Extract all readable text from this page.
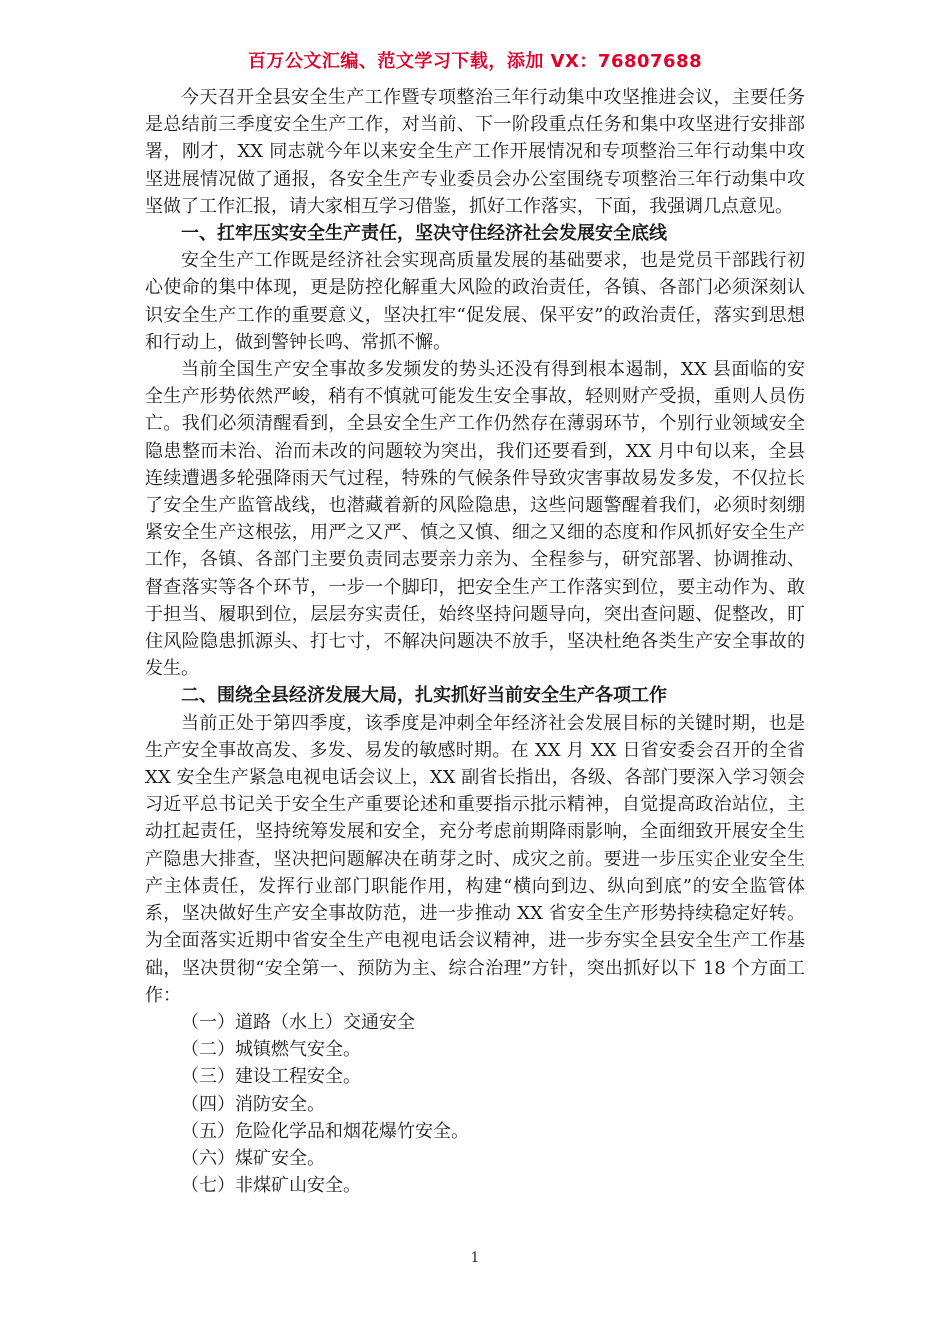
百万公文汇编、范文学习下载，添加 VX：76807688

今天召开全县安全生产工作暨专项整治三年行动集中攻坚推进会议，主要任务是总结前三季度安全生产工作，对当前、下一阶段重点任务和集中攻坚进行安排部署，刚才，XX 同志就今年以来安全生产工作开展情况和专项整治三年行动集中攻坚进展情况做了通报，各安全生产专业委员会办公室围绕专项整治三年行动集中攻坚做了工作汇报，请大家相互学习借鉴，抓好工作落实，下面，我强调几点意见。

一、扛牢压实安全生产责任，坚决守住经济社会发展安全底线

安全生产工作既是经济社会实现高质量发展的基础要求，也是党员干部践行初心使命的集中体现，更是防控化解重大风险的政治责任，各镇、各部门必须深刻认识安全生产工作的重要意义，坚决扛牢“促发展、保平安”的政治责任，落实到思想和行动上，做到警钟长鸣、常抓不懈。

当前全国生产安全事故多发频发的势头还没有得到根本遏制，XX 县面临的安全生产形势依然严峻，稍有不慎就可能发生安全事故，轻则财产受损，重则人员伤亡。我们必须清醒看到，全县安全生产工作仍然存在薄弱环节，个别行业领域安全隐患整而未治、治而未改的问题较为突出，我们还要看到，XX 月中旬以来，全县连续遭遇多轮强降雨天气过程，特殊的气候条件导致灾害事故易发多发，不仅拉长了安全生产监管战线，也潜藏着新的风险隐患，这些问题警醒着我们，必须时刻绷紧安全生产这根弦，用严之又严、慎之又慎、细之又细的态度和作风抓好安全生产工作，各镇、各部门主要负责同志要亲力亲为、全程参与，研究部署、协调推动、督查落实等各个环节，一步一个脚印，把安全生产工作落实到位，要主动作为、敢于担当、履职到位，层层夯实责任，始终坚持问题导向，突出查问题、促整改，盯住风险隐患抓源头、打七寸，不解决问题决不放手，坚决杜绝各类生产安全事故的发生。

二、围绕全县经济发展大局，扎实抓好当前安全生产各项工作

当前正处于第四季度，该季度是冲刺全年经济社会发展目标的关键时期，也是生产安全事故高发、多发、易发的敏感时期。在 XX 月 XX 日省安委会召开的全省 XX 安全生产紧急电视电话会议上，XX 副省长指出，各级、各部门要深入学习领会习近平总书记关于安全生产重要论述和重要指示批示精神，自觉提高政治站位，主动扛起责任，坚持统筹发展和安全，充分考虑前期降雨影响，全面细致开展安全生产隐患大排查，坚决把问题解决在萌芽之时、成灾之前。要进一步压实企业安全生产主体责任，发挥行业部门职能作用，构建“横向到边、纵向到底”的安全监管体系，坚决做好生产安全事故防范，进一步推动 XX 省安全生产形势持续稳定好转。为全面落实近期中省安全生产电视电话会议精神，进一步夯实全县安全生产工作基础，坚决贯彻“安全第一、预防为主、综合治理”方针，突出抓好以下 18 个方面工作：

（一）道路（水上）交通安全

（二）城镇燃气安全。

（三）建设工程安全。

（四）消防安全。

（五）危险化学品和烟花爆竹安全。

（六）煤矿安全。

（七）非煤矿山安全。

1
